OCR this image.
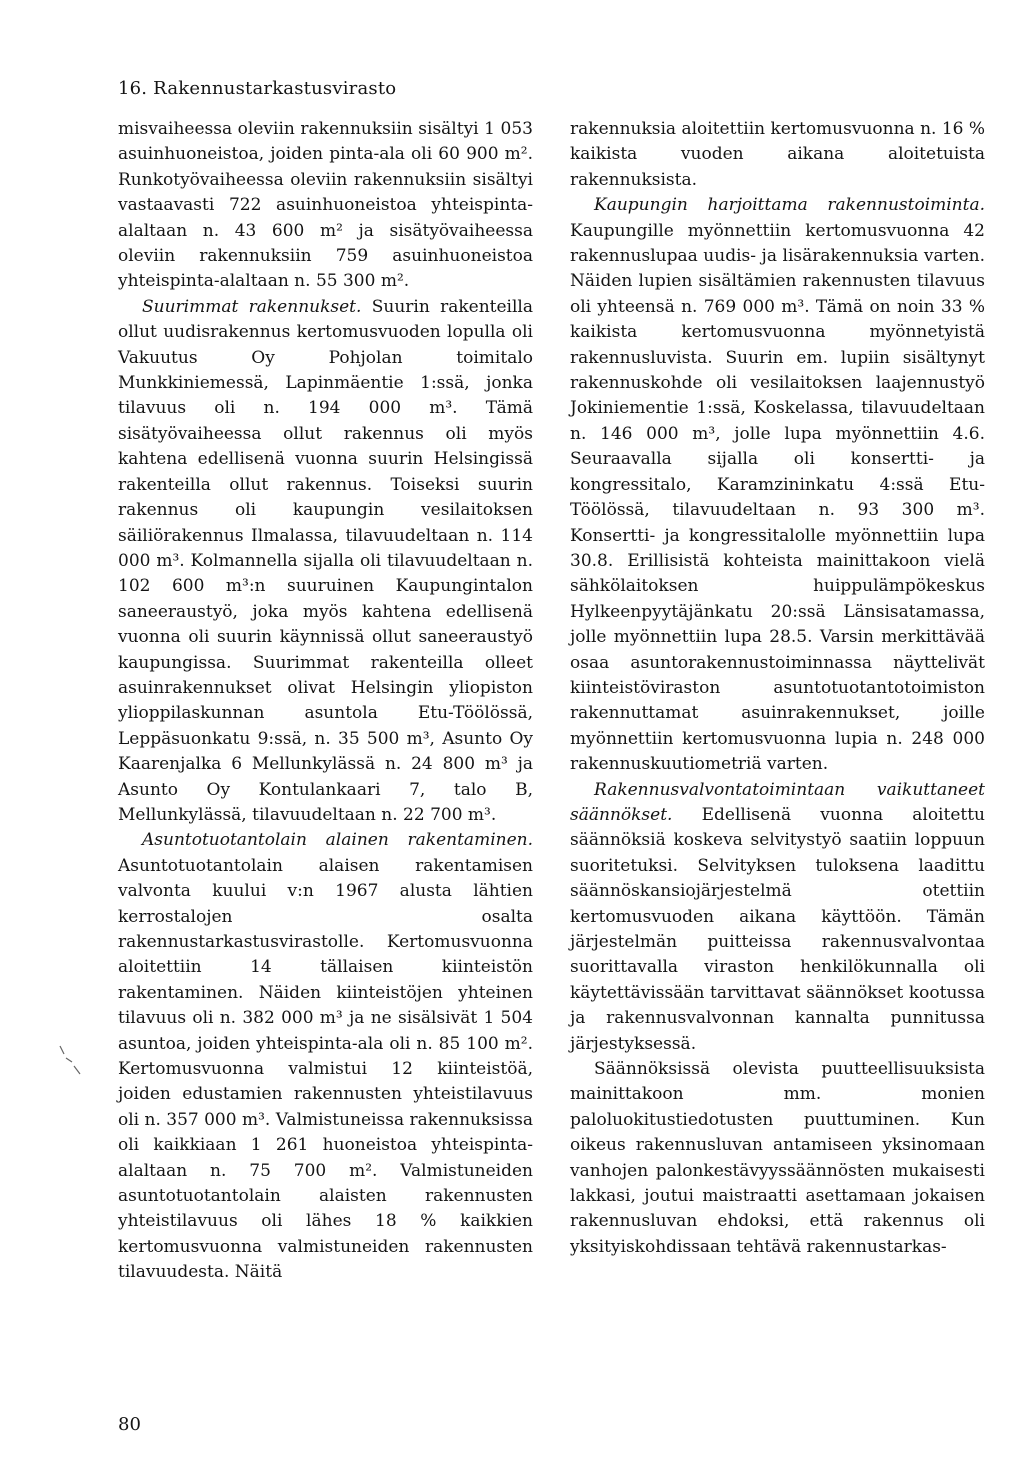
16. Rakennustarkastusvirasto

misvaiheessa oleviin rakennuksiin sisältyi 1 053 asuinhuoneistoa, joiden pinta-ala oli 60 900 m². Runkotyövaiheessa oleviin rakennuksiin sisältyi vastaavasti 722 asuinhuoneistoa yhteispinta-alaltaan n. 43 600 m² ja sisätyövaiheessa oleviin rakennuksiin 759 asuinhuoneistoa yhteispinta-alaltaan n. 55 300 m².

Suurimmat rakennukset. Suurin rakenteilla ollut uudisrakennus kertomusvuoden lopulla oli Vakuutus Oy Pohjolan toimitalo Munkkiniemessä, Lapinmäentie 1:ssä, jonka tilavuus oli n. 194 000 m³. Tämä sisätyövaiheessa ollut rakennus oli myös kahtena edellisenä vuonna suurin Helsingissä rakenteilla ollut rakennus. Toiseksi suurin rakennus oli kaupungin vesilaitoksen säiliörakennus Ilmalassa, tilavuudeltaan n. 114 000 m³. Kolmannella sijalla oli tilavuudeltaan n. 102 600 m³:n suuruinen Kaupungintalon saneeraustyö, joka myös kahtena edellisenä vuonna oli suurin käynnissä ollut saneeraustyö kaupungissa. Suurimmat rakenteilla olleet asuinrakennukset olivat Helsingin yliopiston ylioppilaskunnan asuntola Etu-Töölössä, Leppäsuonkatu 9:ssä, n. 35 500 m³, Asunto Oy Kaarenjalka 6 Mellunkylässä n. 24 800 m³ ja Asunto Oy Kontulankaari 7, talo B, Mellunkylässä, tilavuudeltaan n. 22 700 m³.

Asuntotuotantolain alainen rakentaminen. Asuntotuotantolain alaisen rakentamisen valvonta kuului v:n 1967 alusta lähtien kerrostalojen osalta rakennustarkastusvirastolle. Kertomusvuonna aloitettiin 14 tällaisen kiinteistön rakentaminen. Näiden kiinteistöjen yhteinen tilavuus oli n. 382 000 m³ ja ne sisälsivät 1 504 asuntoa, joiden yhteispinta-ala oli n. 85 100 m². Kertomusvuonna valmistui 12 kiinteistöä, joiden edustamien rakennusten yhteistilavuus oli n. 357 000 m³. Valmistuneissa rakennuksissa oli kaikkiaan 1 261 huoneistoa yhteispinta-alaltaan n. 75 700 m². Valmistuneiden asuntotuotantolain alaisten rakennusten yhteistilavuus oli lähes 18 % kaikkien kertomusvuonna valmistuneiden rakennusten tilavuudesta. Näitä

rakennuksia aloitettiin kertomusvuonna n. 16 % kaikista vuoden aikana aloitetuista rakennuksista.

Kaupungin harjoittama rakennustoiminta. Kaupungille myönnettiin kertomusvuonna 42 rakennuslupaa uudis- ja lisärakennuksia varten. Näiden lupien sisältämien rakennusten tilavuus oli yhteensä n. 769 000 m³. Tämä on noin 33 % kaikista kertomusvuonna myönnetyistä rakennusluvista. Suurin em. lupiin sisältynyt rakennuskohde oli vesilaitoksen laajennustyö Jokiniementie 1:ssä, Koskelassa, tilavuudeltaan n. 146 000 m³, jolle lupa myönnettiin 4.6. Seuraavalla sijalla oli konsertti- ja kongressitalo, Karamzininkatu 4:ssä Etu-Töölössä, tilavuudeltaan n. 93 300 m³. Konsertti- ja kongressitalolle myönnettiin lupa 30.8. Erillisistä kohteista mainittakoon vielä sähkölaitoksen huippulämpökeskus Hylkeenpyytäjänkatu 20:ssä Länsisatamassa, jolle myönnettiin lupa 28.5. Varsin merkittävää osaa asuntorakennustoiminnassa näyttelivät kiinteistöviraston asuntotuotantotoimiston rakennuttamat asuinrakennukset, joille myönnettiin kertomusvuonna lupia n. 248 000 rakennuskuutiometriä varten.

Rakennusvalvontatoimintaan vaikuttaneet säännökset. Edellisenä vuonna aloitettu säännöksiä koskeva selvitystyö saatiin loppuun suoritetuksi. Selvityksen tuloksena laadittu säännöskansiojärjestelmä otettiin kertomusvuoden aikana käyttöön. Tämän järjestelmän puitteissa rakennusvalvontaa suorittavalla viraston henkilökunnalla oli käytettävissään tarvittavat säännökset kootussa ja rakennusvalvonnan kannalta punnitussa järjestyksessä.

Säännöksissä olevista puutteellisuuksista mainittakoon mm. monien paloluokitustiedotusten puuttuminen. Kun oikeus rakennusluvan antamiseen yksinomaan vanhojen palonkestävyyssäännösten mukaisesti lakkasi, joutui maistraatti asettamaan jokaisen rakennusluvan ehdoksi, että rakennus oli yksityiskohdissaan tehtävä rakennustarkas-

80
